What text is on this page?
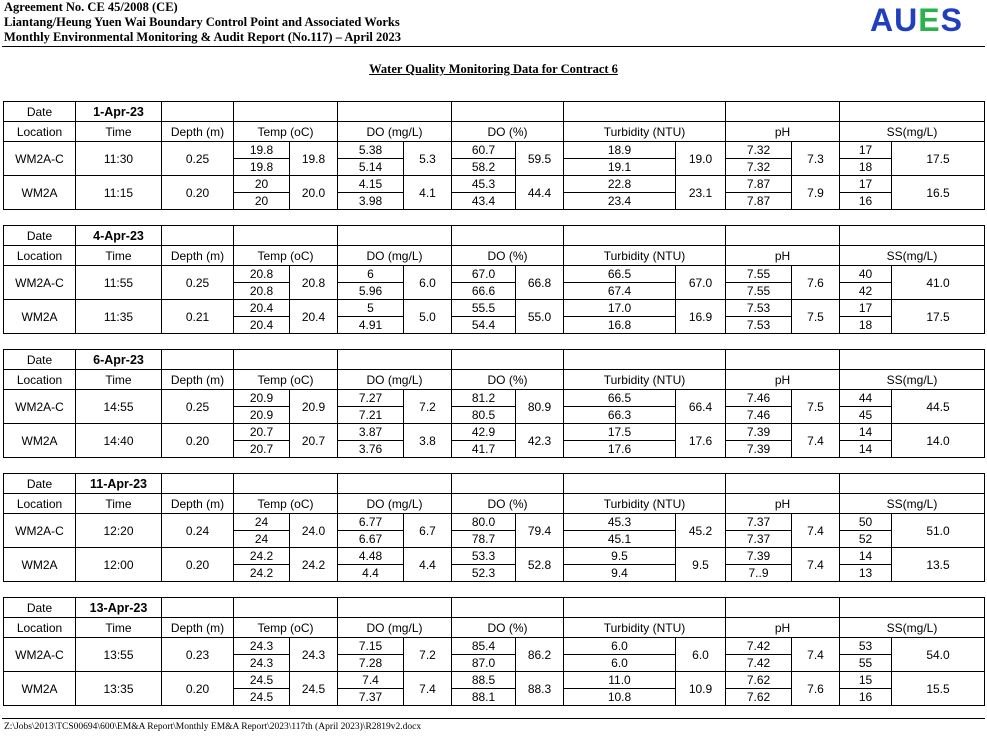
Agreement No. CE 45/2008 (CE)
Liantang/Heung Yuen Wai Boundary Control Point and Associated Works
Monthly Environmental Monitoring & Audit Report (No.117) – April 2023	AUES
Water Quality Monitoring Data for Contract 6
Date	1-Apr-23													
Location	Time	Depth (m)	Temp (oC)		DO (mg/L)		DO (%)		Turbidity (NTU)		pH		SS(mg/L)	
WM2A-C	11:30	0.25	19.8	19.8	5.38	5.3	60.7	59.5	18.9	19.0	7.32	7.3	17	17.5
			19.8		5.14		58.2		19.1		7.32		18	
WM2A	11:15	0.20	20	20.0	4.15	4.1	45.3	44.4	22.8	23.1	7.87	7.9	17	16.5
			20		3.98		43.4		23.4		7.87		16	
Date	4-Apr-23													
Location	Time	Depth (m)	Temp (oC)		DO (mg/L)		DO (%)		Turbidity (NTU)		pH		SS(mg/L)	
WM2A-C	11:55	0.25	20.8	20.8	6	6.0	67.0	66.8	66.5	67.0	7.55	7.6	40	41.0
			20.8		5.96		66.6		67.4		7.55		42	
WM2A	11:35	0.21	20.4	20.4	5	5.0	55.5	55.0	17.0	16.9	7.53	7.5	17	17.5
			20.4		4.91		54.4		16.8		7.53		18	
Date	6-Apr-23													
Location	Time	Depth (m)	Temp (oC)		DO (mg/L)		DO (%)		Turbidity (NTU)		pH		SS(mg/L)	
WM2A-C	14:55	0.25	20.9	20.9	7.27	7.2	81.2	80.9	66.5	66.4	7.46	7.5	44	44.5
			20.9		7.21		80.5		66.3		7.46		45	
WM2A	14:40	0.20	20.7	20.7	3.87	3.8	42.9	42.3	17.5	17.6	7.39	7.4	14	14.0
			20.7		3.76		41.7		17.6		7.39		14	
Date	11-Apr-23													
Location	Time	Depth (m)	Temp (oC)		DO (mg/L)		DO (%)		Turbidity (NTU)		pH		SS(mg/L)	
WM2A-C	12:20	0.24	24	24.0	6.77	6.7	80.0	79.4	45.3	45.2	7.37	7.4	50	51.0
			24		6.67		78.7		45.1		7.37		52	
WM2A	12:00	0.20	24.2	24.2	4.48	4.4	53.3	52.8	9.5	9.5	7.39	7.4	14	13.5
			24.2		4.4		52.3		9.4		7..9		13	
Date	13-Apr-23													
Location	Time	Depth (m)	Temp (oC)		DO (mg/L)		DO (%)		Turbidity (NTU)		pH		SS(mg/L)	
WM2A-C	13:55	0.23	24.3	24.3	7.15	7.2	85.4	86.2	6.0	6.0	7.42	7.4	53	54.0
			24.3		7.28		87.0		6.0		7.42		55	
WM2A	13:35	0.20	24.5	24.5	7.4	7.4	88.5	88.3	11.0	10.9	7.62	7.6	15	15.5
			24.5		7.37		88.1		10.8		7.62		16	
Z:\Jobs\2013\TCS00694\600\EM&A Report\Monthly EM&A Report\2023\117th (April 2023)\R2819v2.docx
